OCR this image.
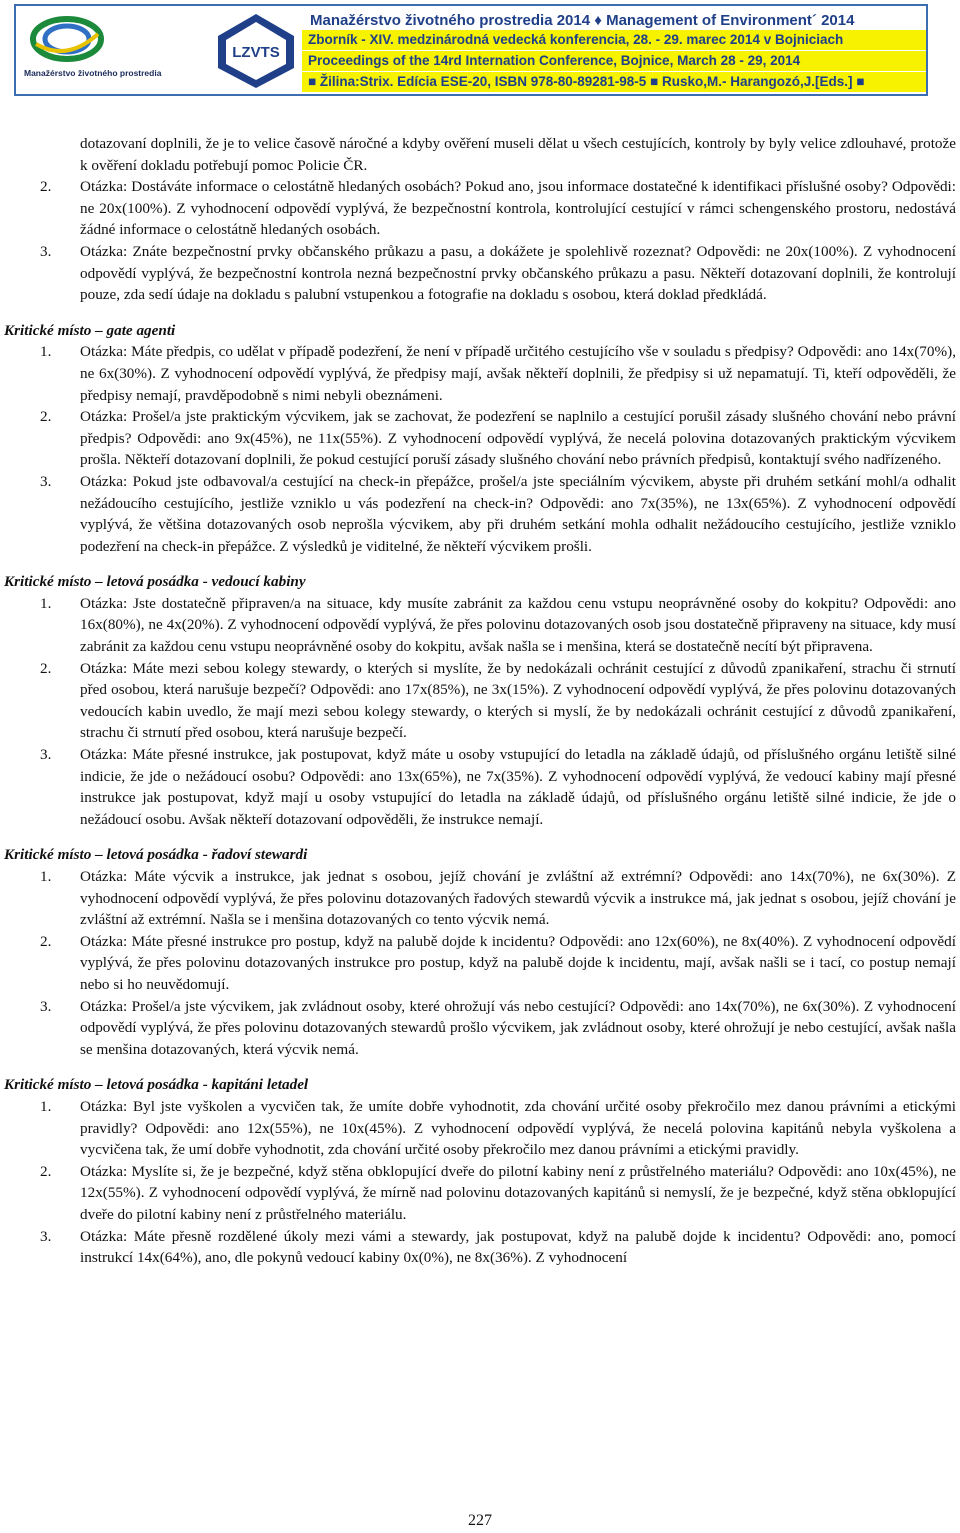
Manažérstvo životného prostredia
LZVTS
Manažérstvo životného prostredia 2014 ♦ Management of Environment´ 2014
Zborník - XIV. medzinárodná vedecká konferencia, 28. - 29. marec 2014 v Bojniciach
Proceedings of the 14rd Internation Conference, Bojnice, March 28 - 29, 2014
■ Žilina:Strix. Edícia ESE-20, ISBN 978-80-89281-98-5 ■ Rusko,M.- Harangozó,J.[Eds.] ■

dotazovaní doplnili, že je to velice časově náročné a kdyby ověření museli dělat u všech cestujících, kontroly by byly velice zdlouhavé, protože k ověření dokladu potřebují pomoc Policie ČR.

2. Otázka: Dostáváte informace o celostátně hledaných osobách? Pokud ano, jsou informace dostatečné k identifikaci příslušné osoby? Odpovědi: ne 20x(100%). Z vyhodnocení odpovědí vyplývá, že bezpečnostní kontrola, kontrolující cestující v rámci schengenského prostoru, nedostává žádné informace o celostátně hledaných osobách.
3. Otázka: Znáte bezpečnostní prvky občanského průkazu a pasu, a dokážete je spolehlivě rozeznat? Odpovědi: ne 20x(100%). Z vyhodnocení odpovědí vyplývá, že bezpečnostní kontrola nezná bezpečnostní prvky občanského průkazu a pasu. Někteří dotazovaní doplnili, že kontrolují pouze, zda sedí údaje na dokladu s palubní vstupenkou a fotografie na dokladu s osobou, která doklad předkládá.
Kritické místo – gate agenti
1. Otázka: Máte předpis, co udělat v případě podezření, že není v případě určitého cestujícího vše v souladu s předpisy? Odpovědi: ano 14x(70%), ne 6x(30%). Z vyhodnocení odpovědí vyplývá, že předpisy mají, avšak někteří doplnili, že předpisy si už nepamatují. Ti, kteří odpověděli, že předpisy nemají, pravděpodobně s nimi nebyli obeznámeni.
2. Otázka: Prošel/a jste praktickým výcvikem, jak se zachovat, že podezření se naplnilo a cestující porušil zásady slušného chování nebo právní předpis? Odpovědi: ano 9x(45%), ne 11x(55%). Z vyhodnocení odpovědí vyplývá, že necelá polovina dotazovaných praktickým výcvikem prošla. Někteří dotazovaní doplnili, že pokud cestující poruší zásady slušného chování nebo právních předpisů, kontaktují svého nadřízeného.
3. Otázka: Pokud jste odbavoval/a cestující na check-in přepážce, prošel/a jste speciálním výcvikem, abyste při druhém setkání mohl/a odhalit nežádoucího cestujícího, jestliže vzniklo u vás podezření na check-in? Odpovědi: ano 7x(35%), ne 13x(65%). Z vyhodnocení odpovědí vyplývá, že většina dotazovaných osob neprošla výcvikem, aby při druhém setkání mohla odhalit nežádoucího cestujícího, jestliže vzniklo podezření na check-in přepážce. Z výsledků je viditelné, že někteří výcvikem prošli.
Kritické místo – letová posádka - vedoucí kabiny
1. Otázka: Jste dostatečně připraven/a na situace, kdy musíte zabránit za každou cenu vstupu neoprávněné osoby do kokpitu? Odpovědi: ano 16x(80%), ne 4x(20%). Z vyhodnocení odpovědí vyplývá, že přes polovinu dotazovaných osob jsou dostatečně připraveny na situace, kdy musí zabránit za každou cenu vstupu neoprávněné osoby do kokpitu, avšak našla se i menšina, která se dostatečně necítí být připravena.
2. Otázka: Máte mezi sebou kolegy stewardy, o kterých si myslíte, že by nedokázali ochránit cestující z důvodů zpanikaření, strachu či strnutí před osobou, která narušuje bezpečí? Odpovědi: ano 17x(85%), ne 3x(15%). Z vyhodnocení odpovědí vyplývá, že přes polovinu dotazovaných vedoucích kabin uvedlo, že mají mezi sebou kolegy stewardy, o kterých si myslí, že by nedokázali ochránit cestující z důvodů zpanikaření, strachu či strnutí před osobou, která narušuje bezpečí.
3. Otázka: Máte přesné instrukce, jak postupovat, když máte u osoby vstupující do letadla na základě údajů, od příslušného orgánu letiště silné indicie, že jde o nežádoucí osobu? Odpovědi: ano 13x(65%), ne 7x(35%). Z vyhodnocení odpovědí vyplývá, že vedoucí kabiny mají přesné instrukce jak postupovat, když mají u osoby vstupující do letadla na základě údajů, od příslušného orgánu letiště silné indicie, že jde o nežádoucí osobu. Avšak někteří dotazovaní odpověděli, že instrukce nemají.
Kritické místo – letová posádka - řadoví stewardi
1. Otázka: Máte výcvik a instrukce, jak jednat s osobou, jejíž chování je zvláštní až extrémní? Odpovědi: ano 14x(70%), ne 6x(30%). Z vyhodnocení odpovědí vyplývá, že přes polovinu dotazovaných řadových stewardů výcvik a instrukce má, jak jednat s osobou, jejíž chování je zvláštní až extrémní. Našla se i menšina dotazovaných co tento výcvik nemá.
2. Otázka: Máte přesné instrukce pro postup, když na palubě dojde k incidentu? Odpovědi: ano 12x(60%), ne 8x(40%). Z vyhodnocení odpovědí vyplývá, že přes polovinu dotazovaných instrukce pro postup, když na palubě dojde k incidentu, mají, avšak našli se i tací, co postup nemají nebo si ho neuvědomují.
3. Otázka: Prošel/a jste výcvikem, jak zvládnout osoby, které ohrožují vás nebo cestující? Odpovědi: ano 14x(70%), ne 6x(30%). Z vyhodnocení odpovědí vyplývá, že přes polovinu dotazovaných stewardů prošlo výcvikem, jak zvládnout osoby, které ohrožují je nebo cestující, avšak našla se menšina dotazovaných, která výcvik nemá.
Kritické místo – letová posádka - kapitáni letadel
1. Otázka: Byl jste vyškolen a vycvičen tak, že umíte dobře vyhodnotit, zda chování určité osoby překročilo mez danou právními a etickými pravidly? Odpovědi: ano 12x(55%), ne 10x(45%). Z vyhodnocení odpovědí vyplývá, že necelá polovina kapitánů nebyla vyškolena a vycvičena tak, že umí dobře vyhodnotit, zda chování určité osoby překročilo mez danou právními a etickými pravidly.
2. Otázka: Myslíte si, že je bezpečné, když stěna obklopující dveře do pilotní kabiny není z průstřelného materiálu? Odpovědi: ano 10x(45%), ne 12x(55%). Z vyhodnocení odpovědí vyplývá, že mírně nad polovinu dotazovaných kapitánů si nemyslí, že je bezpečné, když stěna obklopující dveře do pilotní kabiny není z průstřelného materiálu.
3. Otázka: Máte přesně rozdělené úkoly mezi vámi a stewardy, jak postupovat, když na palubě dojde k incidentu? Odpovědi: ano, pomocí instrukcí 14x(64%), ano, dle pokynů vedoucí kabiny 0x(0%), ne 8x(36%). Z vyhodnocení
227
